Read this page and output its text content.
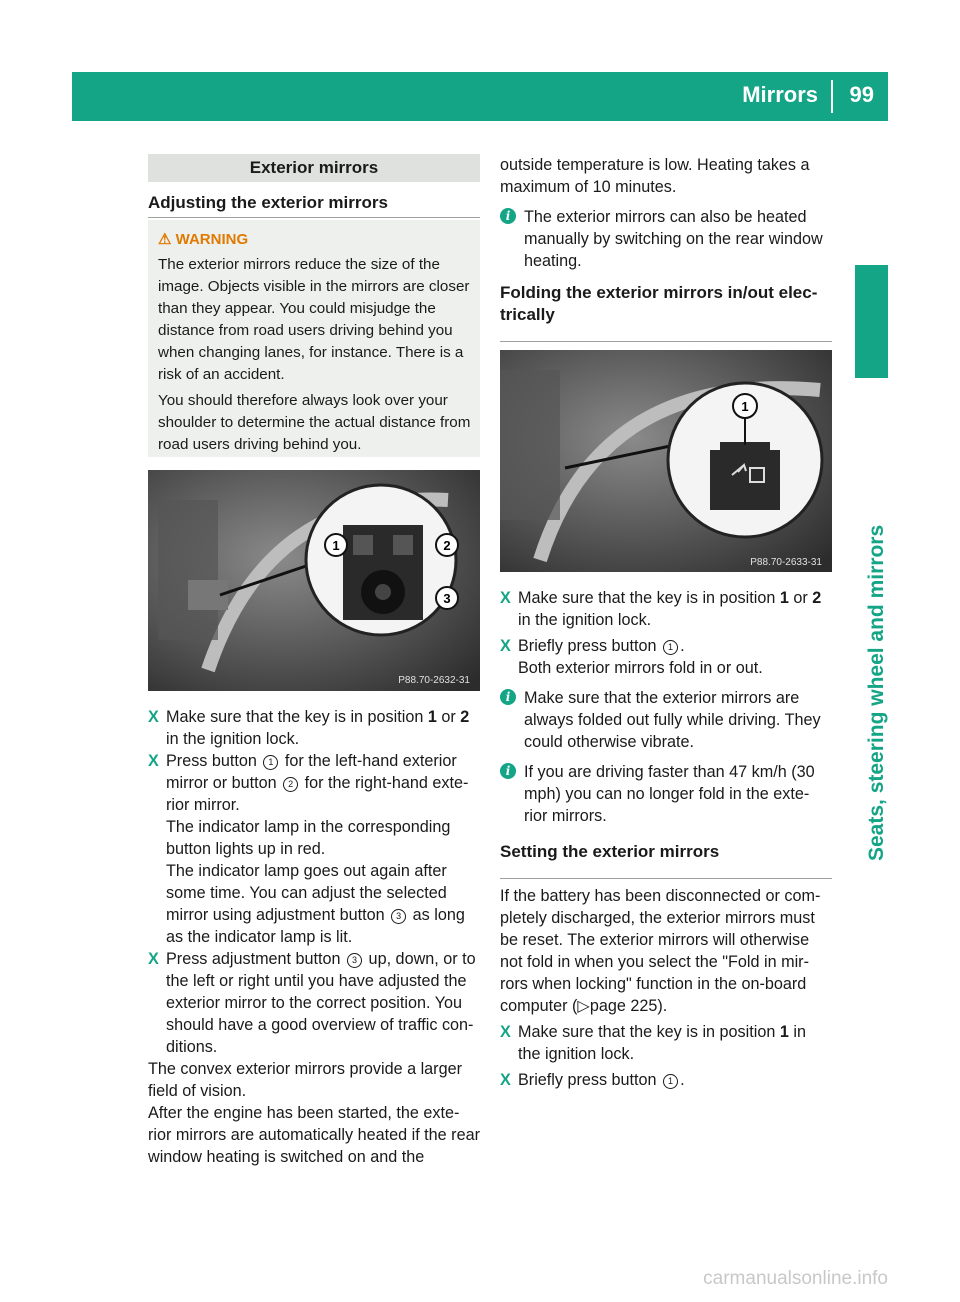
Mirrors 99
Seats, steering wheel and mirrors
Exterior mirrors
Adjusting the exterior mirrors
⚠ WARNING

The exterior mirrors reduce the size of the image. Objects visible in the mirrors are closer than they appear. You could misjudge the distance from road users driving behind you when changing lanes, for instance. There is a risk of an accident.

You should therefore always look over your shoulder to determine the actual distance from road users driving behind you.

1	2
3
P88.70-2632-31
X Make sure that the key is in position 1 or 2 in the ignition lock.
X Press button 1 for the left-hand exterior mirror or button 2 for the right-hand exte-rior mirror.
The indicator lamp in the corresponding button lights up in red.
The indicator lamp goes out again after some time. You can adjust the selected mirror using adjustment button 3 as long as the indicator lamp is lit.
X Press adjustment button 3 up, down, or to the left or right until you have adjusted the exterior mirror to the correct position. You should have a good overview of traffic con-ditions.

The convex exterior mirrors provide a larger field of vision.

After the engine has been started, the exte-rior mirrors are automatically heated if the rear window heating is switched on and the

outside temperature is low. Heating takes a maximum of 10 minutes.

i The exterior mirrors can also be heated manually by switching on the rear window heating.
Folding the exterior mirrors in/out elec-trically
1
P88.70-2633-31
X Make sure that the key is in position 1 or 2 in the ignition lock.
X Briefly press button 1 .
Both exterior mirrors fold in or out.
i Make sure that the exterior mirrors are always folded out fully while driving. They could otherwise vibrate.
i If you are driving faster than 47 km/h (30 mph) you can no longer fold in the exte-rior mirrors.
Setting the exterior mirrors

If the battery has been disconnected or com-pletely discharged, the exterior mirrors must be reset. The exterior mirrors will otherwise not fold in when you select the "Fold in mir-rors when locking" function in the on-board computer (▷page 225).

X Make sure that the key is in position 1 in the ignition lock.
X Briefly press button 1 .
carmanualsonline.info
